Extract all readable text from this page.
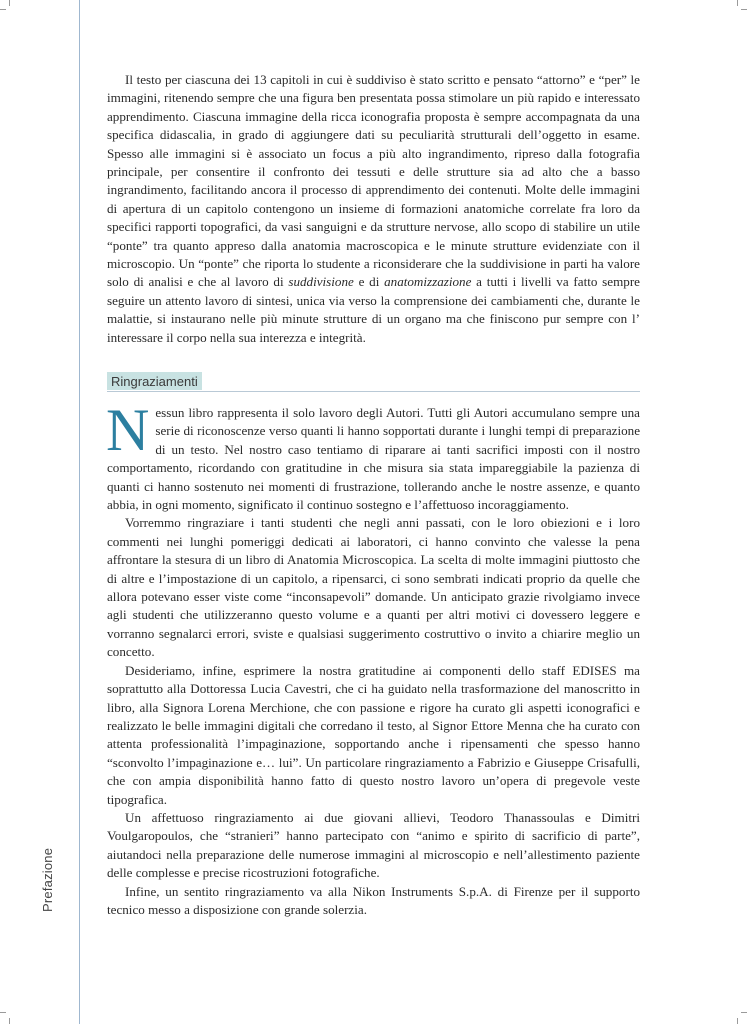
Prefazione

Il testo per ciascuna dei 13 capitoli in cui è suddiviso è stato scritto e pensato “attorno” e “per” le immagini, ritenendo sempre che una figura ben presentata possa stimolare un più rapido e interessato apprendimento. Ciascuna immagine della ricca iconografia proposta è sempre accompagnata da una specifica didascalia, in grado di aggiungere dati su peculiarità strutturali dell’oggetto in esame. Spesso alle immagini si è associato un focus a più alto ingrandimento, ripreso dalla fotografia principale, per consentire il confronto dei tessuti e delle strutture sia ad alto che a basso ingrandimento, facilitando ancora il processo di apprendimento dei contenuti. Molte delle immagini di apertura di un capitolo contengono un insieme di formazioni anatomiche correlate fra loro da specifici rapporti topografici, da vasi sanguigni e da strutture nervose, allo scopo di stabilire un utile “ponte” tra quanto appreso dalla anatomia macroscopica e le minute strutture evidenziate con il microscopio. Un “ponte” che riporta lo studente a riconsiderare che la suddivisione in parti ha valore solo di analisi e che al lavoro di suddivisione e di anatomizzazione a tutti i livelli va fatto sempre seguire un attento lavoro di sintesi, unica via verso la comprensione dei cambiamenti che, durante le malattie, si instaurano nelle più minute strutture di un organo ma che finiscono pur sempre con l’ interessare il corpo nella sua interezza e integrità.

Ringraziamenti

Nessun libro rappresenta il solo lavoro degli Autori. Tutti gli Autori accumulano sempre una serie di riconoscenze verso quanti li hanno sopportati durante i lunghi tempi di preparazione di un testo. Nel nostro caso tentiamo di riparare ai tanti sacrifici imposti con il nostro comportamento, ricordando con gratitudine in che misura sia stata impareggiabile la pazienza di quanti ci hanno sostenuto nei momenti di frustrazione, tollerando anche le nostre assenze, e quanto abbia, in ogni momento, significato il continuo sostegno e l’affettuoso incoraggiamento.

Vorremmo ringraziare i tanti studenti che negli anni passati, con le loro obiezioni e i loro commenti nei lunghi pomeriggi dedicati ai laboratori, ci hanno convinto che valesse la pena affrontare la stesura di un libro di Anatomia Microscopica. La scelta di molte immagini piuttosto che di altre e l’impostazione di un capitolo, a ripensarci, ci sono sembrati indicati proprio da quelle che allora potevano esser viste come “inconsapevoli” domande. Un anticipato grazie rivolgiamo invece agli studenti che utilizzeranno questo volume e a quanti per altri motivi ci dovessero leggere e vorranno segnalarci errori, sviste e qualsiasi suggerimento costruttivo o invito a chiarire meglio un concetto.

Desideriamo, infine, esprimere la nostra gratitudine ai componenti dello staff EDISES ma soprattutto alla Dottoressa Lucia Cavestri, che ci ha guidato nella trasformazione del manoscritto in libro, alla Signora Lorena Merchione, che con passione e rigore ha curato gli aspetti iconografici e realizzato le belle immagini digitali che corredano il testo, al Signor Ettore Menna che ha curato con attenta professionalità l’impaginazione, sopportando anche i ripensamenti che spesso hanno “sconvolto l’impaginazione e… lui”. Un particolare ringraziamento a Fabrizio e Giuseppe Crisafulli, che con ampia disponibilità hanno fatto di questo nostro lavoro un’opera di pregevole veste tipografica.

Un affettuoso ringraziamento ai due giovani allievi, Teodoro Thanassoulas e Dimitri Voulgaropoulos, che “stranieri” hanno partecipato con “animo e spirito di sacrificio di parte”, aiutandoci nella preparazione delle numerose immagini al microscopio e nell’allestimento paziente delle complesse e precise ricostruzioni fotografiche.

Infine, un sentito ringraziamento va alla Nikon Instruments S.p.A. di Firenze per il supporto tecnico messo a disposizione con grande solerzia.
